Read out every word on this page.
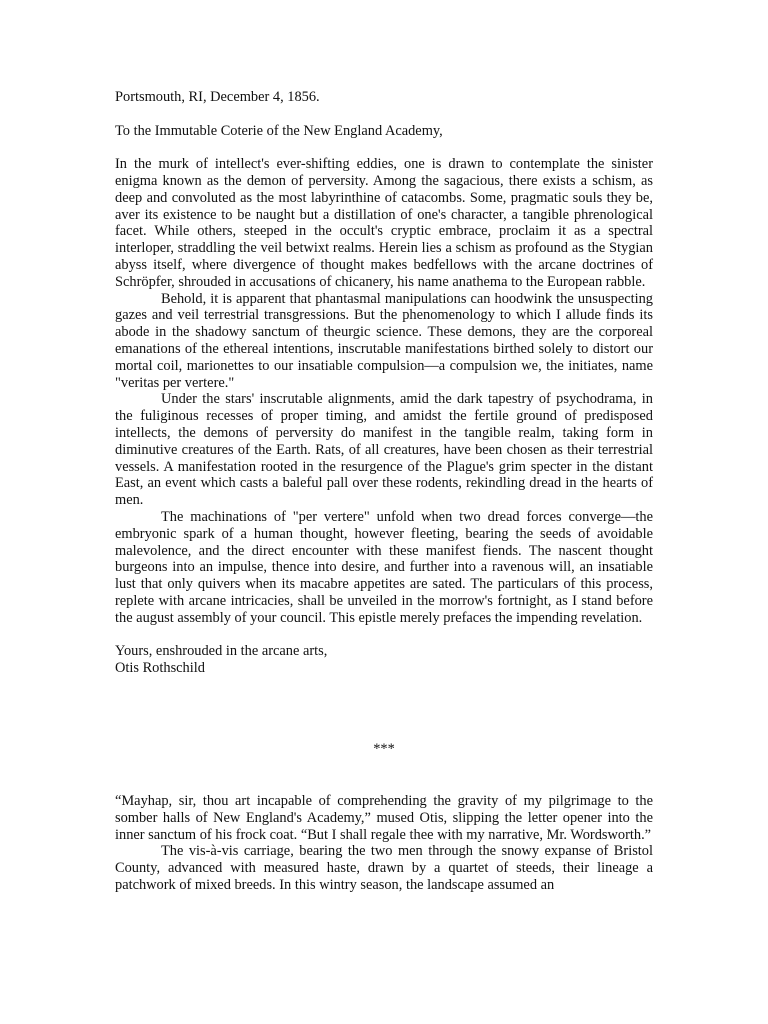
Portsmouth, RI, December 4, 1856.

To the Immutable Coterie of the New England Academy,

In the murk of intellect's ever-shifting eddies, one is drawn to contemplate the sinister enigma known as the demon of perversity. Among the sagacious, there exists a schism, as deep and convoluted as the most labyrinthine of catacombs. Some, pragmatic souls they be, aver its existence to be naught but a distillation of one's character, a tangible phrenological facet. While others, steeped in the occult's cryptic embrace, proclaim it as a spectral interloper, straddling the veil betwixt realms. Herein lies a schism as profound as the Stygian abyss itself, where divergence of thought makes bedfellows with the arcane doctrines of Schröpfer, shrouded in accusations of chicanery, his name anathema to the European rabble.

Behold, it is apparent that phantasmal manipulations can hoodwink the unsuspecting gazes and veil terrestrial transgressions. But the phenomenology to which I allude finds its abode in the shadowy sanctum of theurgic science. These demons, they are the corporeal emanations of the ethereal intentions, inscrutable manifestations birthed solely to distort our mortal coil, marionettes to our insatiable compulsion—a compulsion we, the initiates, name "veritas per vertere."

Under the stars' inscrutable alignments, amid the dark tapestry of psychodrama, in the fuliginous recesses of proper timing, and amidst the fertile ground of predisposed intellects, the demons of perversity do manifest in the tangible realm, taking form in diminutive creatures of the Earth. Rats, of all creatures, have been chosen as their terrestrial vessels. A manifestation rooted in the resurgence of the Plague's grim specter in the distant East, an event which casts a baleful pall over these rodents, rekindling dread in the hearts of men.

The machinations of "per vertere" unfold when two dread forces converge—the embryonic spark of a human thought, however fleeting, bearing the seeds of avoidable malevolence, and the direct encounter with these manifest fiends. The nascent thought burgeons into an impulse, thence into desire, and further into a ravenous will, an insatiable lust that only quivers when its macabre appetites are sated. The particulars of this process, replete with arcane intricacies, shall be unveiled in the morrow's fortnight, as I stand before the august assembly of your council. This epistle merely prefaces the impending revelation.

Yours, enshrouded in the arcane arts,

Otis Rothschild

***

“Mayhap, sir, thou art incapable of comprehending the gravity of my pilgrimage to the somber halls of New England's Academy,” mused Otis, slipping the letter opener into the inner sanctum of his frock coat. “But I shall regale thee with my narrative, Mr. Wordsworth.”

The vis-à-vis carriage, bearing the two men through the snowy expanse of Bristol County, advanced with measured haste, drawn by a quartet of steeds, their lineage a patchwork of mixed breeds. In this wintry season, the landscape assumed an
